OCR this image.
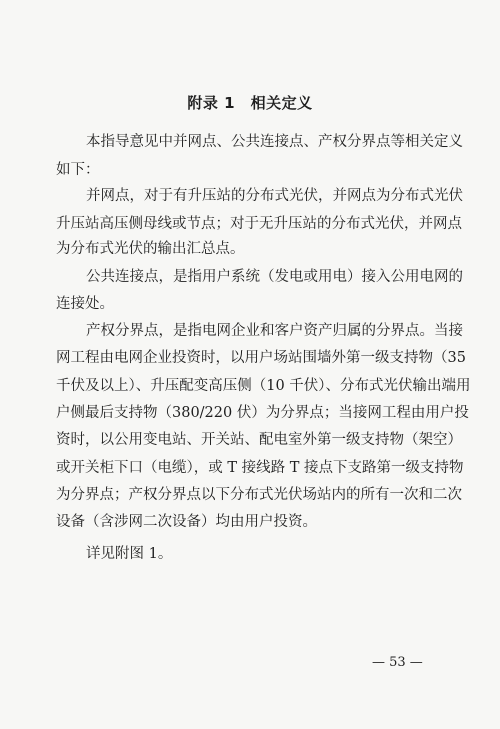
附录 1　相关定义
本指导意见中并网点、公共连接点、产权分界点等相关定义
如下：
并网点，对于有升压站的分布式光伏，并网点为分布式光伏
升压站高压侧母线或节点；对于无升压站的分布式光伏，并网点
为分布式光伏的输出汇总点。
公共连接点，是指用户系统（发电或用电）接入公用电网的
连接处。
产权分界点，是指电网企业和客户资产归属的分界点。当接
网工程由电网企业投资时，以用户场站围墙外第一级支持物（35
千伏及以上）、升压配变高压侧（10 千伏）、分布式光伏输出端用
户侧最后支持物（380/220 伏）为分界点；当接网工程由用户投
资时，以公用变电站、开关站、配电室外第一级支持物（架空）
或开关柜下口（电缆），或 T 接线路 T 接点下支路第一级支持物
为分界点；产权分界点以下分布式光伏场站内的所有一次和二次
设备（含涉网二次设备）均由用户投资。
详见附图 1。
— 53 —
